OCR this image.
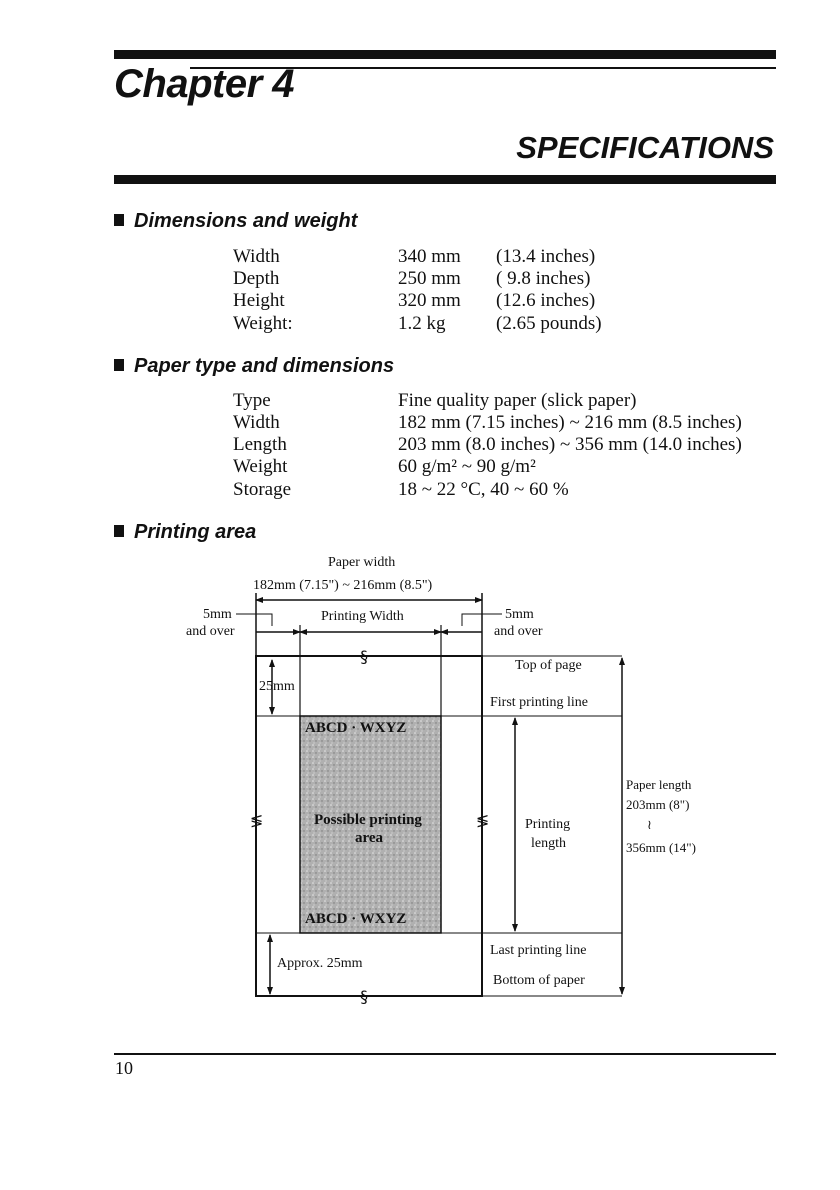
Chapter 4
SPECIFICATIONS
Dimensions and weight
Width	340 mm (13.4 inches)
Depth	250 mm ( 9.8 inches)
Height	320 mm (12.6 inches)
Weight:	1.2 kg	(2.65 pounds)
Paper type and dimensions
Type	Fine quality paper (slick paper)
Width	182 mm (7.15 inches) ~ 216 mm (8.5 inches)
Length	203 mm (8.0 inches) ~ 356 mm (14.0 inches)
Weight	60 g/m² ~ 90 g/m²
Storage	18 ~ 22 °C, 40 ~ 60 %
Printing area
§
§
≶	≶
Paper width
182mm (7.15") ~ 216mm (8.5")
5mm
and over
Printing Width	5mm
and over
25mm
Top of page
First printing line
ABCD · WXYZ
Possible printing
area
ABCD · WXYZ
Printing
length
Paper length
203mm (8")
≀
356mm (14")
Last printing line
Approx. 25mm
Bottom of paper
10
